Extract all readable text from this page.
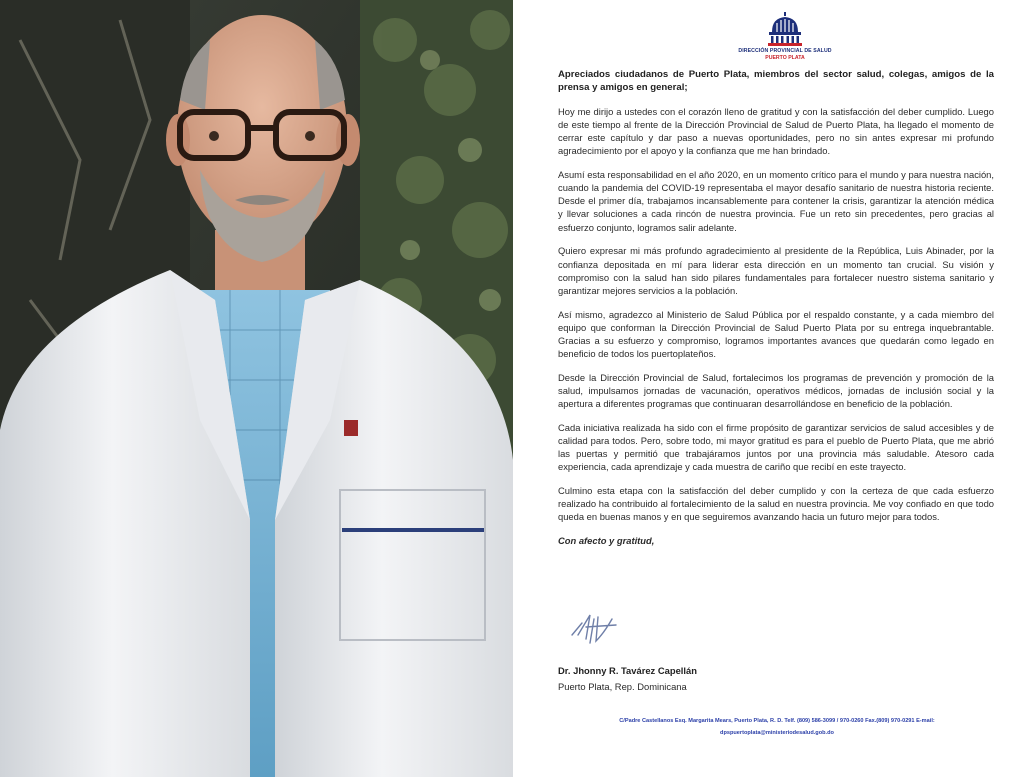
DIRECCIÓN PROVINCIAL DE SALUD
PUERTO PLATA

Apreciados ciudadanos de Puerto Plata, miembros del sector salud, colegas, amigos de la prensa y amigos en general;

Hoy me dirijo a ustedes con el corazón lleno de gratitud y con la satisfacción del deber cumplido. Luego de este tiempo al frente de la Dirección Provincial de Salud de Puerto Plata, ha llegado el momento de cerrar este capítulo y dar paso a nuevas oportunidades, pero no sin antes expresar mi profundo agradecimiento por el apoyo y la confianza que me han brindado.

Asumí esta responsabilidad en el año 2020, en un momento crítico para el mundo y para nuestra nación, cuando la pandemia del COVID-19 representaba el mayor desafío sanitario de nuestra historia reciente. Desde el primer día, trabajamos incansablemente para contener la crisis, garantizar la atención médica y llevar soluciones a cada rincón de nuestra provincia. Fue un reto sin precedentes, pero gracias al esfuerzo conjunto, logramos salir adelante.

Quiero expresar mi más profundo agradecimiento al presidente de la República, Luis Abinader, por la confianza depositada en mí para liderar esta dirección en un momento tan crucial. Su visión y compromiso con la salud han sido pilares fundamentales para fortalecer nuestro sistema sanitario y garantizar mejores servicios a la población.

Así mismo, agradezco al Ministerio de Salud Pública por el respaldo constante, y a cada miembro del equipo que conforman la Dirección Provincial de Salud Puerto Plata por su entrega inquebrantable. Gracias a su esfuerzo y compromiso, logramos importantes avances que quedarán como legado en beneficio de todos los puertoplateños.

Desde la Dirección Provincial de Salud, fortalecimos los programas de prevención y promoción de la salud, impulsamos jornadas de vacunación, operativos médicos, jornadas de inclusión social y la apertura a diferentes programas que continuaran desarrollándose en beneficio de la población.

Cada iniciativa realizada ha sido con el firme propósito de garantizar servicios de salud accesibles y de calidad para todos. Pero, sobre todo, mi mayor gratitud es para el pueblo de Puerto Plata, que me abrió las puertas y permitió que trabajáramos juntos por una provincia más saludable. Atesoro cada experiencia, cada aprendizaje y cada muestra de cariño que recibí en este trayecto.

Culmino esta etapa con la satisfacción del deber cumplido y con la certeza de que cada esfuerzo realizado ha contribuido al fortalecimiento de la salud en nuestra provincia. Me voy confiado en que todo queda en buenas manos y en que seguiremos avanzando hacia un futuro mejor para todos.

Con afecto y gratitud,

Dr. Jhonny R. Tavárez Capellán
Puerto Plata, Rep. Dominicana
C/Padre Castellanos Esq. Margarita Mears, Puerto Plata, R. D. Telf. (809) 586-3099 / 970-0260 Fax.(809) 970-0291 E-mail:
dpspuertoplata@ministeriodesalud.gob.do
